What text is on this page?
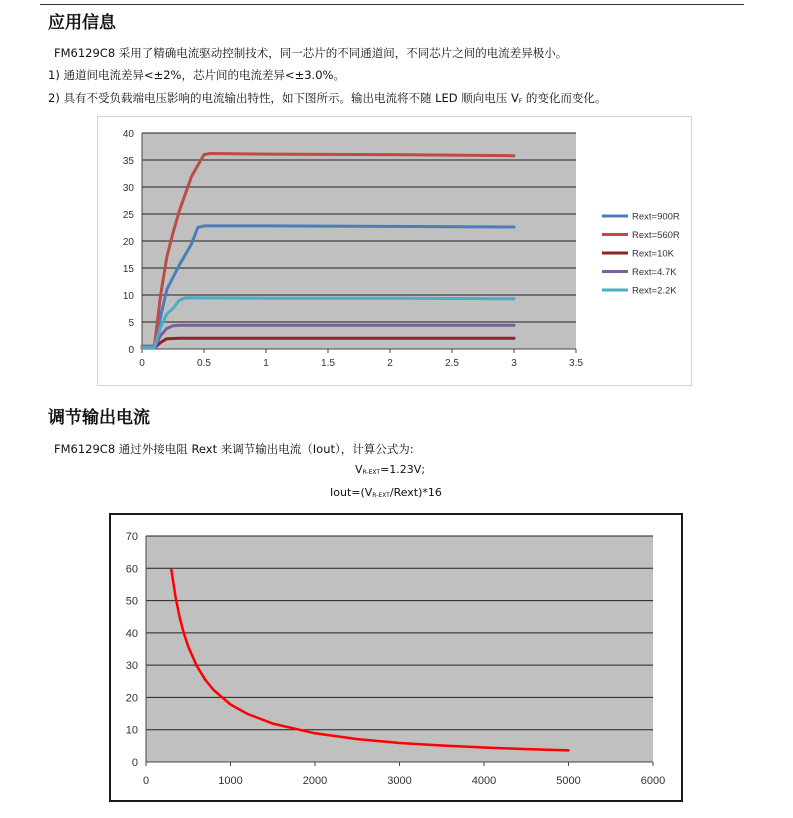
应用信息
FM6129C8 采用了精确电流驱动控制技术，同一芯片的不同通道间，不同芯片之间的电流差异极小。
1) 通道间电流差异<±2%，芯片间的电流差异<±3.0%。
2) 具有不受负载端电压影响的电流输出特性，如下图所示。输出电流将不随 LED 顺向电压 VF 的变化而变化。
0
5
10
15
20
25
30
35
40
0	0.5	1	1.5	2	2.5	3	3.5
Rext=900R
Rext=560R
Rext=10K
Rext=4.7K
Rext=2.2K
调节输出电流
FM6129C8 通过外接电阻 Rext 来调节输出电流（Iout），计算公式为:
VR-EXT=1.23V;
Iout=(VR-EXT/Rext)*16
0
10
20
30
40
50
60
70
0	1000	2000	3000	4000	5000	6000
